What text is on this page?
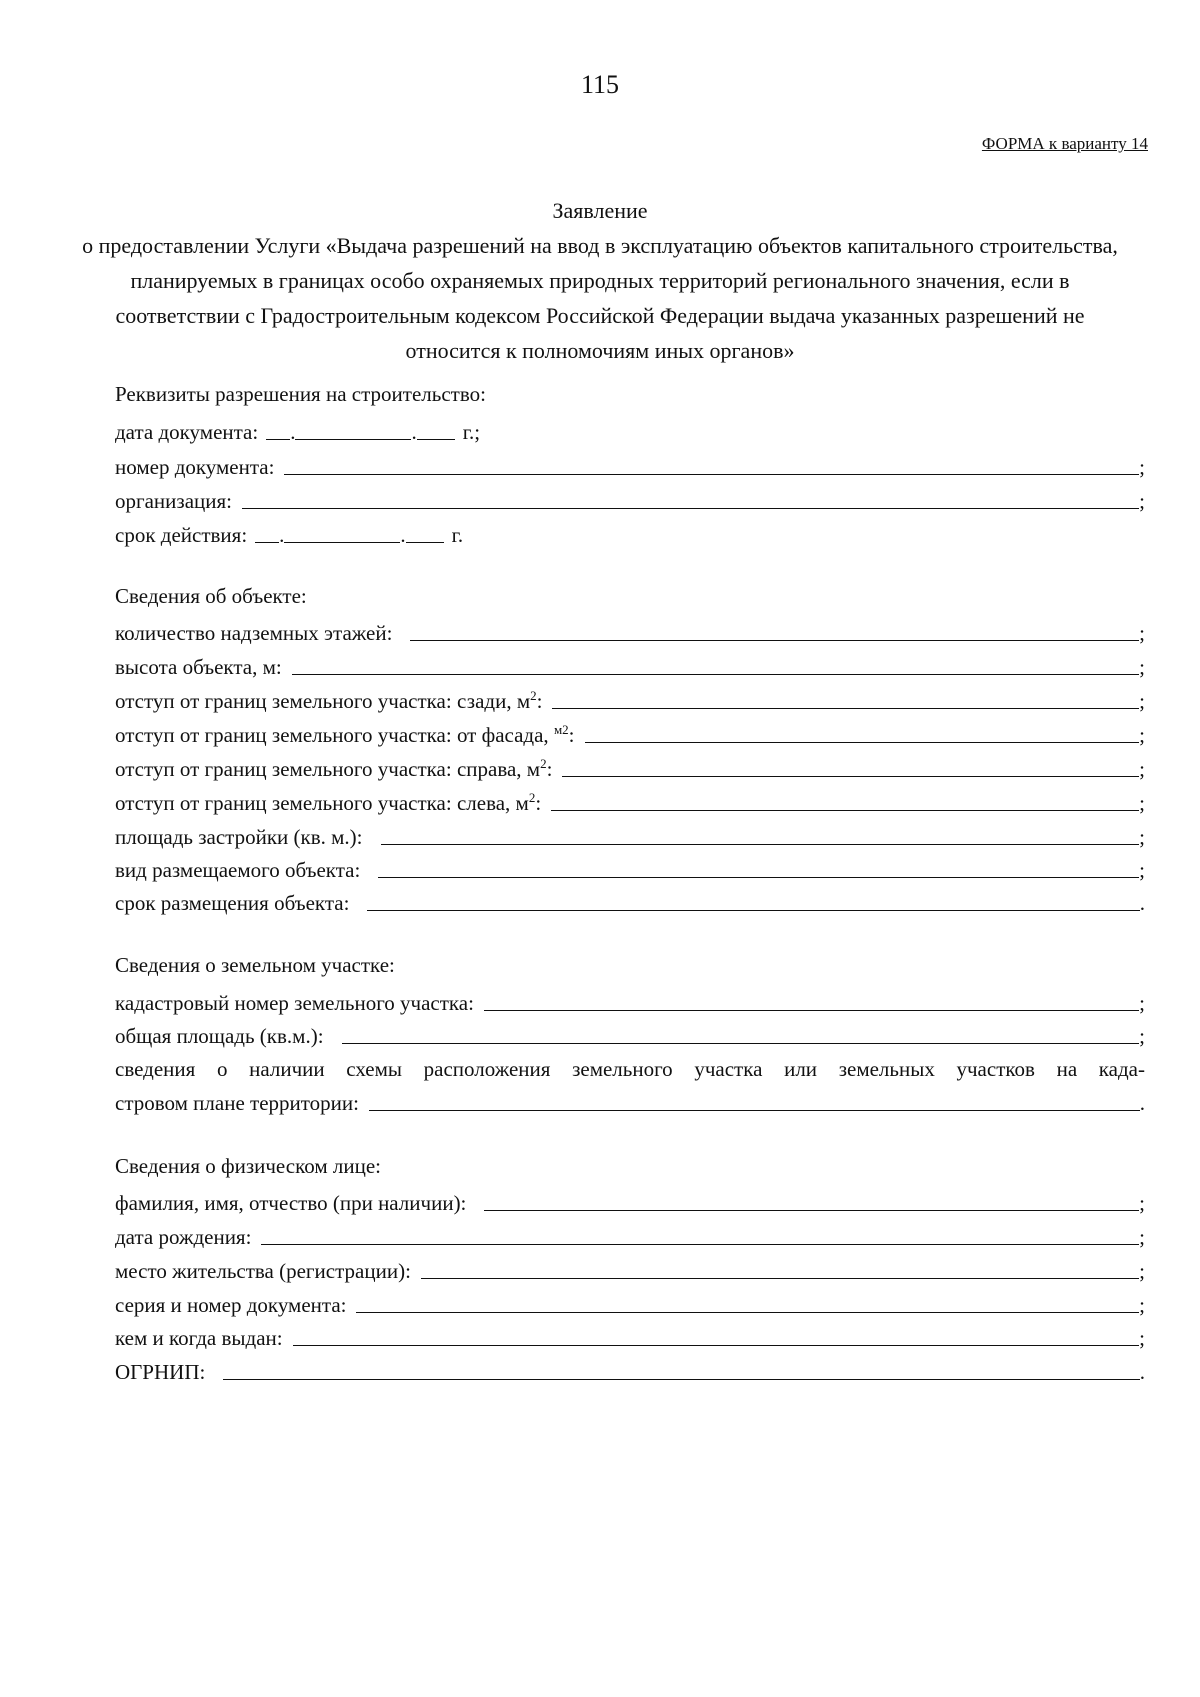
115
ФОРМА к варианту 14
Заявление
о предоставлении Услуги «Выдача разрешений на ввод в эксплуатацию объектов капитального строительства, планируемых в границах особо охраняемых природных территорий регионального значения, если в соответствии с Градостроительным кодексом Российской Федерации выдача указанных разрешений не относится к полномочиям иных органов»
Реквизиты разрешения на строительство:
дата документа: .	. г.;
номер документа:	;
организация:	;
срок действия: .	. г.
Сведения об объекте:
количество надземных этажей:	;
высота объекта, м:	;
отступ от границ земельного участка: сзади, $м^2$:	;
отступ от границ земельного участка: от фасада, $^{м2}$:	;
отступ от границ земельного участка: справа, $м^2$:	;
отступ от границ земельного участка: слева, $м^2$:	;
площадь застройки (кв. м.):	;
вид размещаемого объекта:	;
срок размещения объекта:	.
Сведения о земельном участке:
кадастровый номер земельного участка:	;
общая площадь (кв.м.):	;
сведения о наличии схемы расположения земельного участка или земельных участков на када-
стровом плане территории:	.
Сведения о физическом лице:
фамилия, имя, отчество (при наличии):	;
дата рождения:	;
место жительства (регистрации):	;
серия и номер документа:	;
кем и когда выдан:	;
ОГРНИП:	.
